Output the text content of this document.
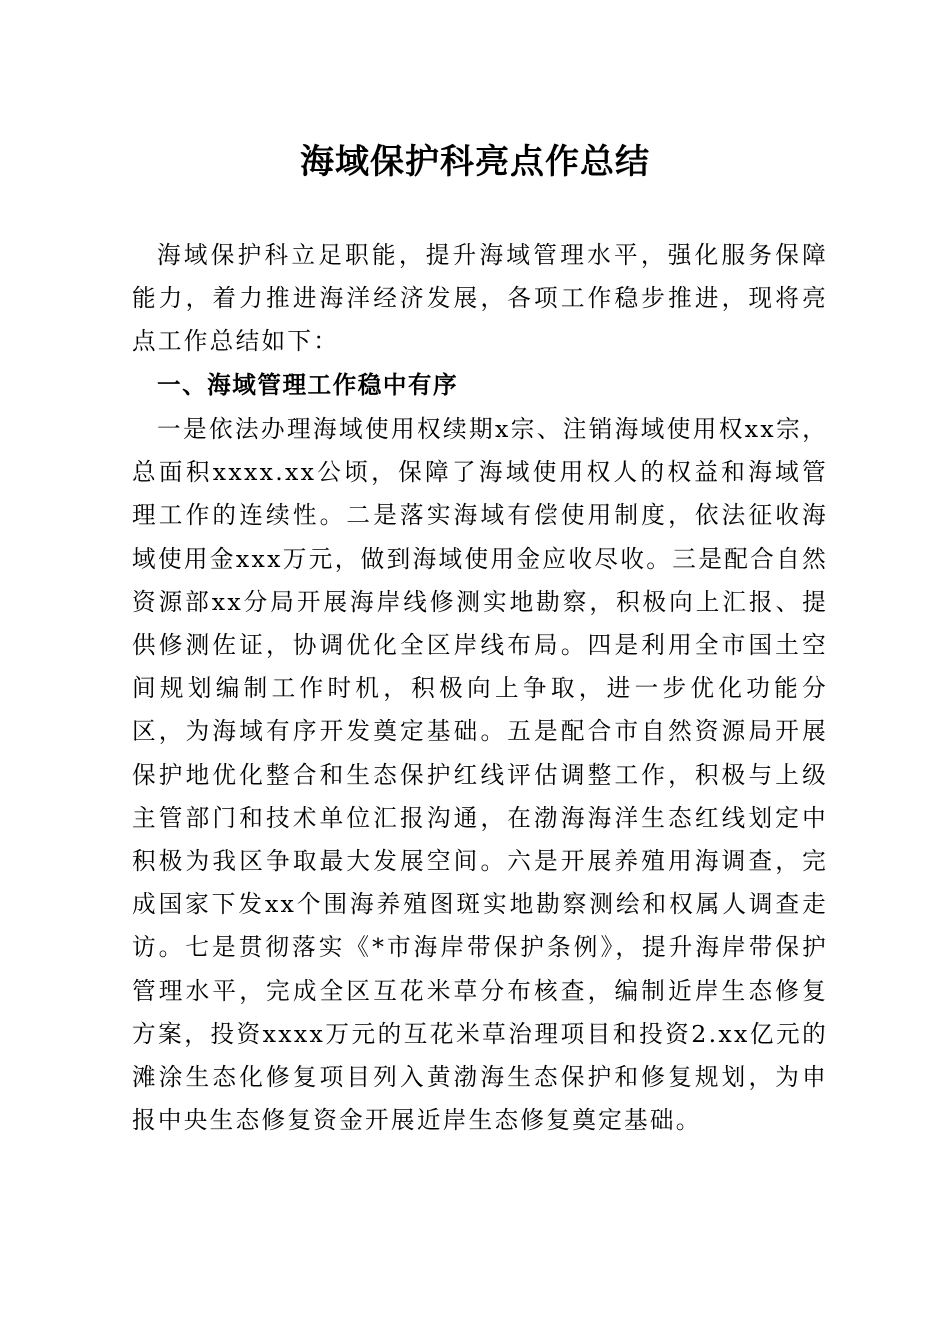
海域保护科亮点作总结
海域保护科立足职能，提升海域管理水平，强化服务保障能力，着力推进海洋经济发展，各项工作稳步推进，现将亮点工作总结如下：
一、海域管理工作稳中有序
一是依法办理海域使用权续期x宗、注销海域使用权xx宗，总面积xxxx.xx公顷，保障了海域使用权人的权益和海域管理工作的连续性。二是落实海域有偿使用制度，依法征收海域使用金xxx万元，做到海域使用金应收尽收。三是配合自然资源部xx分局开展海岸线修测实地勘察，积极向上汇报、提供修测佐证，协调优化全区岸线布局。四是利用全市国土空间规划编制工作时机，积极向上争取，进一步优化功能分区，为海域有序开发奠定基础。五是配合市自然资源局开展保护地优化整合和生态保护红线评估调整工作，积极与上级主管部门和技术单位汇报沟通，在渤海海洋生态红线划定中积极为我区争取最大发展空间。六是开展养殖用海调查，完成国家下发xx个围海养殖图斑实地勘察测绘和权属人调查走访。七是贯彻落实《*市海岸带保护条例》，提升海岸带保护管理水平，完成全区互花米草分布核查，编制近岸生态修复方案，投资xxxx万元的互花米草治理项目和投资2.xx亿元的滩涂生态化修复项目列入黄渤海生态保护和修复规划，为申报中央生态修复资金开展近岸生态修复奠定基础。
